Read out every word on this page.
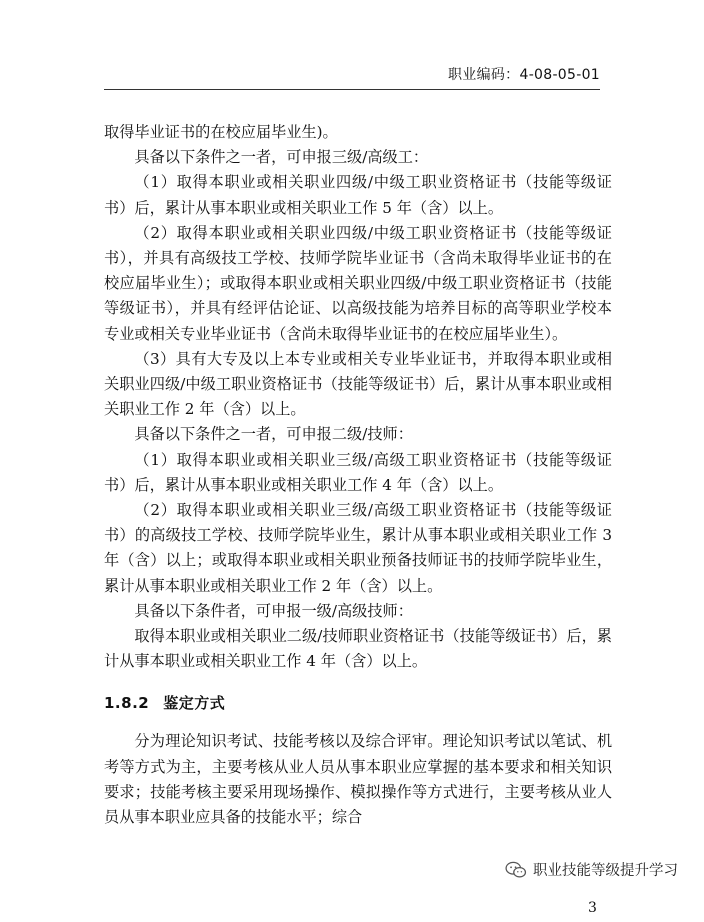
职业编码：4-08-05-01

取得毕业证书的在校应届毕业生)。

具备以下条件之一者，可申报三级/高级工：

（1）取得本职业或相关职业四级/中级工职业资格证书（技能等级证书）后，累计从事本职业或相关职业工作 5 年（含）以上。

（2）取得本职业或相关职业四级/中级工职业资格证书（技能等级证书），并具有高级技工学校、技师学院毕业证书（含尚未取得毕业证书的在校应届毕业生）；或取得本职业或相关职业四级/中级工职业资格证书（技能等级证书），并具有经评估论证、以高级技能为培养目标的高等职业学校本专业或相关专业毕业证书（含尚未取得毕业证书的在校应届毕业生）。

（3）具有大专及以上本专业或相关专业毕业证书，并取得本职业或相关职业四级/中级工职业资格证书（技能等级证书）后，累计从事本职业或相关职业工作 2 年（含）以上。

具备以下条件之一者，可申报二级/技师：

（1）取得本职业或相关职业三级/高级工职业资格证书（技能等级证书）后，累计从事本职业或相关职业工作 4 年（含）以上。

（2）取得本职业或相关职业三级/高级工职业资格证书（技能等级证书）的高级技工学校、技师学院毕业生，累计从事本职业或相关职业工作 3 年（含）以上；或取得本职业或相关职业预备技师证书的技师学院毕业生，累计从事本职业或相关职业工作 2 年（含）以上。

具备以下条件者，可申报一级/高级技师：

取得本职业或相关职业二级/技师职业资格证书（技能等级证书）后，累计从事本职业或相关职业工作 4 年（含）以上。

1.8.2 鉴定方式

分为理论知识考试、技能考核以及综合评审。理论知识考试以笔试、机考等方式为主，主要考核从业人员从事本职业应掌握的基本要求和相关知识要求；技能考核主要采用现场操作、模拟操作等方式进行，主要考核从业人员从事本职业应具备的技能水平；综合

职业技能等级提升学习
3
